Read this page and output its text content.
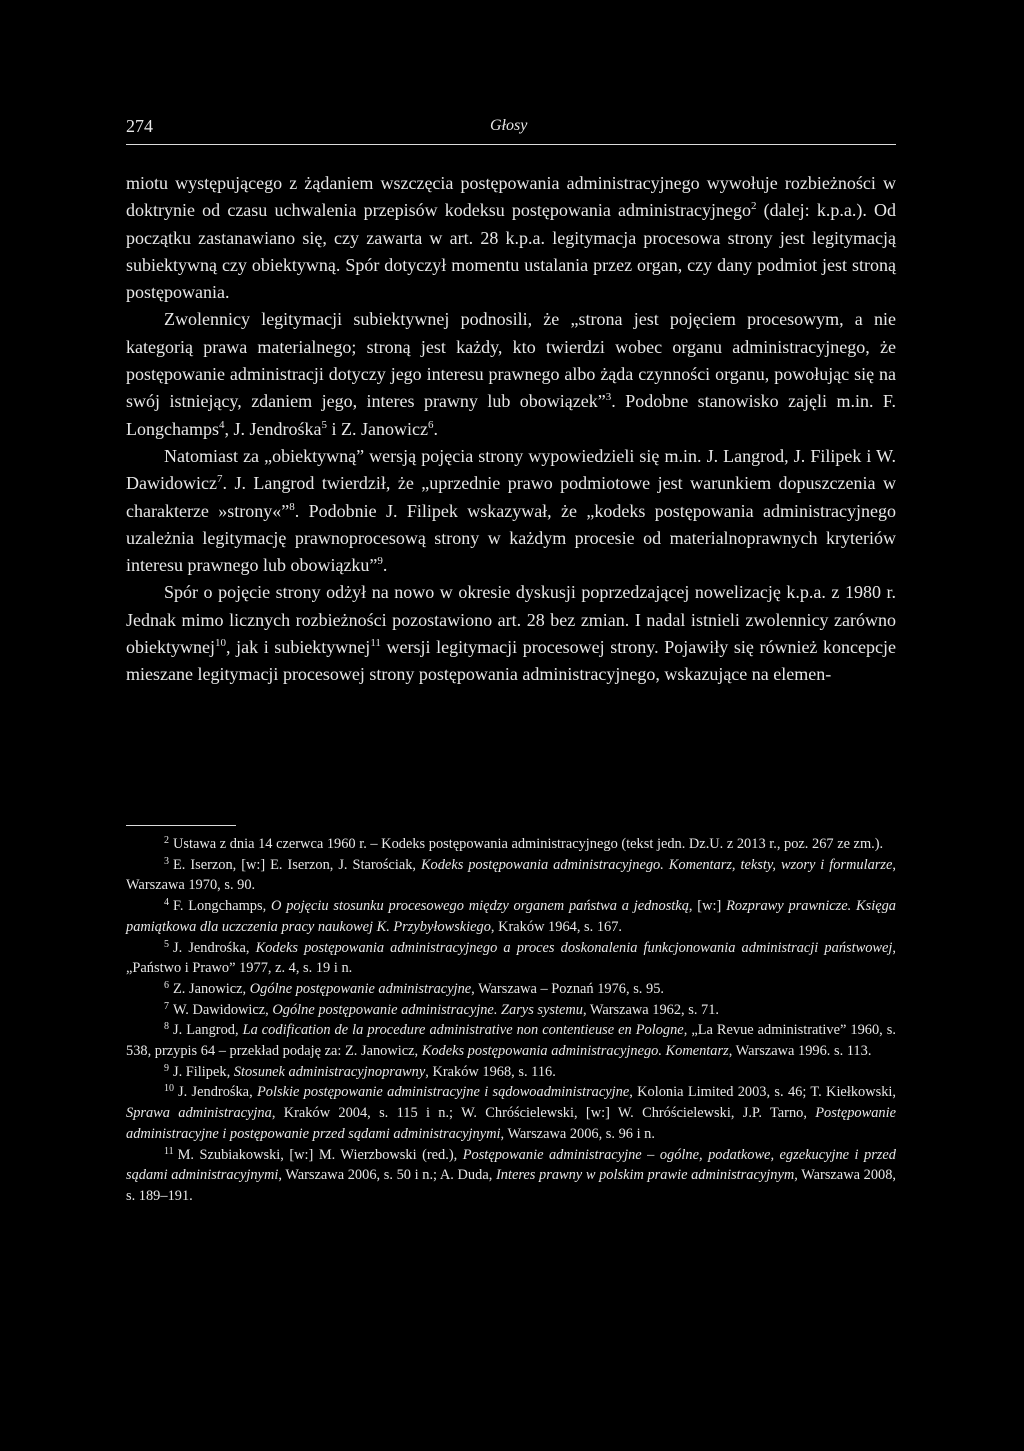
274	Głosy

miotu występującego z żądaniem wszczęcia postępowania administracyjnego wywołuje rozbieżności w doktrynie od czasu uchwalenia przepisów kodeksu postępowania administracyjnego$^2$ (dalej: k.p.a.). Od początku zastanawiano się, czy zawarta w art. 28 k.p.a. legitymacja procesowa strony jest legitymacją subiektywną czy obiektywną. Spór dotyczył momentu ustalania przez organ, czy dany podmiot jest stroną postępowania.

Zwolennicy legitymacji subiektywnej podnosili, że „strona jest pojęciem procesowym, a nie kategorią prawa materialnego; stroną jest każdy, kto twierdzi wobec organu administracyjnego, że postępowanie administracji dotyczy jego interesu prawnego albo żąda czynności organu, powołując się na swój istniejący, zdaniem jego, interes prawny lub obowiązek”$^3$. Podobne stanowisko zajęli m.in. F. Longchamps$^4$, J. Jendrośka$^5$ i Z. Janowicz$^6$.

Natomiast za „obiektywną” wersją pojęcia strony wypowiedzieli się m.in. J. Langrod, J. Filipek i W. Dawidowicz$^7$. J. Langrod twierdził, że „uprzednie prawo podmiotowe jest warunkiem dopuszczenia w charakterze »strony«”$^8$. Podobnie J. Filipek wskazywał, że „kodeks postępowania administracyjnego uzależnia legitymację prawnoprocesową strony w każdym procesie od materialnoprawnych kryteriów interesu prawnego lub obowiązku”$^9$.

Spór o pojęcie strony odżył na nowo w okresie dyskusji poprzedzającej nowelizację k.p.a. z 1980 r. Jednak mimo licznych rozbieżności pozostawiono art. 28 bez zmian. I nadal istnieli zwolennicy zarówno obiektywnej$^{10}$, jak i subiektywnej$^{11}$ wersji legitymacji procesowej strony. Pojawiły się również koncepcje mieszane legitymacji procesowej strony postępowania administracyjnego, wskazujące na elemen-

$^2$ Ustawa z dnia 14 czerwca 1960 r. – Kodeks postępowania administracyjnego (tekst jedn. Dz.U. z 2013 r., poz. 267 ze zm.).

$^3$ E. Iserzon, [w:] E. Iserzon, J. Starościak, Kodeks postępowania administracyjnego. Komentarz, teksty, wzory i formularze, Warszawa 1970, s. 90.

$^4$ F. Longchamps, O pojęciu stosunku procesowego między organem państwa a jednostką, [w:] Rozprawy prawnicze. Księga pamiątkowa dla uczczenia pracy naukowej K. Przybyłowskiego, Kraków 1964, s. 167.

$^5$ J. Jendrośka, Kodeks postępowania administracyjnego a proces doskonalenia funkcjonowania administracji państwowej, „Państwo i Prawo” 1977, z. 4, s. 19 i n.

$^6$ Z. Janowicz, Ogólne postępowanie administracyjne, Warszawa – Poznań 1976, s. 95.

$^7$ W. Dawidowicz, Ogólne postępowanie administracyjne. Zarys systemu, Warszawa 1962, s. 71.

$^8$ J. Langrod, La codification de la procedure administrative non contentieuse en Pologne, „La Revue administrative” 1960, s. 538, przypis 64 – przekład podaję za: Z. Janowicz, Kodeks postępowania administracyjnego. Komentarz, Warszawa 1996. s. 113.

$^9$ J. Filipek, Stosunek administracyjnoprawny, Kraków 1968, s. 116.

$^{10}$ J. Jendrośka, Polskie postępowanie administracyjne i sądowoadministracyjne, Kolonia Limited 2003, s. 46; T. Kiełkowski, Sprawa administracyjna, Kraków 2004, s. 115 i n.; W. Chróścielewski, [w:] W. Chróścielewski, J.P. Tarno, Postępowanie administracyjne i postępowanie przed sądami administracyjnymi, Warszawa 2006, s. 96 i n.

$^{11}$ M. Szubiakowski, [w:] M. Wierzbowski (red.), Postępowanie administracyjne – ogólne, podatkowe, egzekucyjne i przed sądami administracyjnymi, Warszawa 2006, s. 50 i n.; A. Duda, Interes prawny w polskim prawie administracyjnym, Warszawa 2008, s. 189–191.
